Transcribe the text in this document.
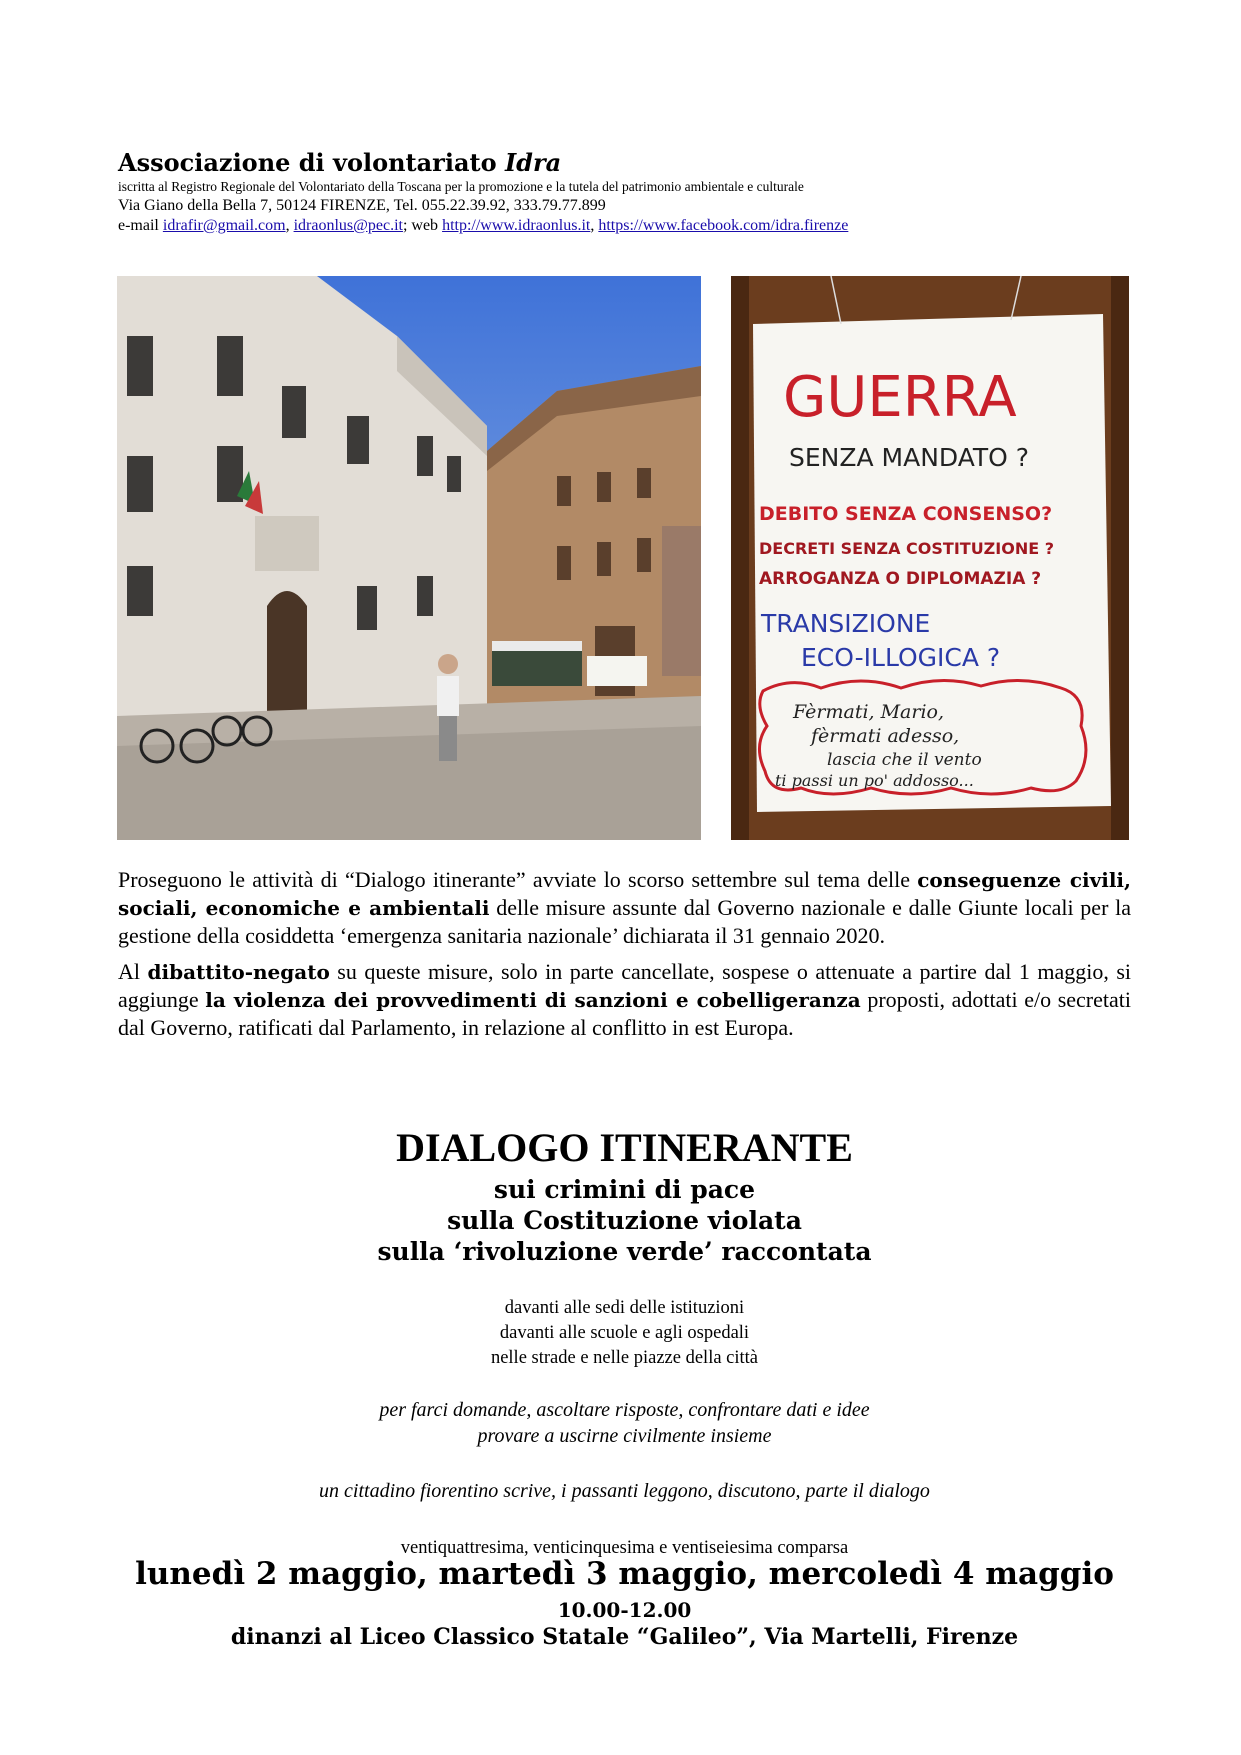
Associazione di volontariato Idra
iscritta al Registro Regionale del Volontariato della Toscana per la promozione e la tutela del patrimonio ambientale e culturale
Via Giano della Bella 7, 50124 FIRENZE, Tel. 055.22.39.92, 333.79.77.899
e-mail idrafir@gmail.com, idraonlus@pec.it; web http://www.idraonlus.it, https://www.facebook.com/idra.firenze
GUERRA
SENZA MANDATO ?
DEBITO SENZA CONSENSO?
DECRETI SENZA COSTITUZIONE ?
ARROGANZA O DIPLOMAZIA ?
TRANSIZIONE
ECO-ILLOGICA ?
Fèrmati, Mario,
fèrmati adesso,
lascia che il vento
ti passi un po' addosso...

Proseguono le attività di “Dialogo itinerante” avviate lo scorso settembre sul tema delle conseguenze civili, sociali, economiche e ambientali delle misure assunte dal Governo nazionale e dalle Giunte locali per la gestione della cosiddetta ‘emergenza sanitaria nazionale’ dichiarata il 31 gennaio 2020.

Al dibattito-negato su queste misure, solo in parte cancellate, sospese o attenuate a partire dal 1 maggio, si aggiunge la violenza dei provvedimenti di sanzioni e cobelligeranza proposti, adottati e/o secretati dal Governo, ratificati dal Parlamento, in relazione al conflitto in est Europa.

DIALOGO ITINERANTE
sui crimini di pace
sulla Costituzione violata
sulla ‘rivoluzione verde’ raccontata
davanti alle sedi delle istituzioni
davanti alle scuole e agli ospedali
nelle strade e nelle piazze della città
per farci domande, ascoltare risposte, confrontare dati e idee
provare a uscirne civilmente insieme
un cittadino fiorentino scrive, i passanti leggono, discutono, parte il dialogo
ventiquattresima, venticinquesima e ventiseiesima comparsa
lunedì 2 maggio, martedì 3 maggio, mercoledì 4 maggio
10.00-12.00
dinanzi al Liceo Classico Statale “Galileo”, Via Martelli, Firenze
